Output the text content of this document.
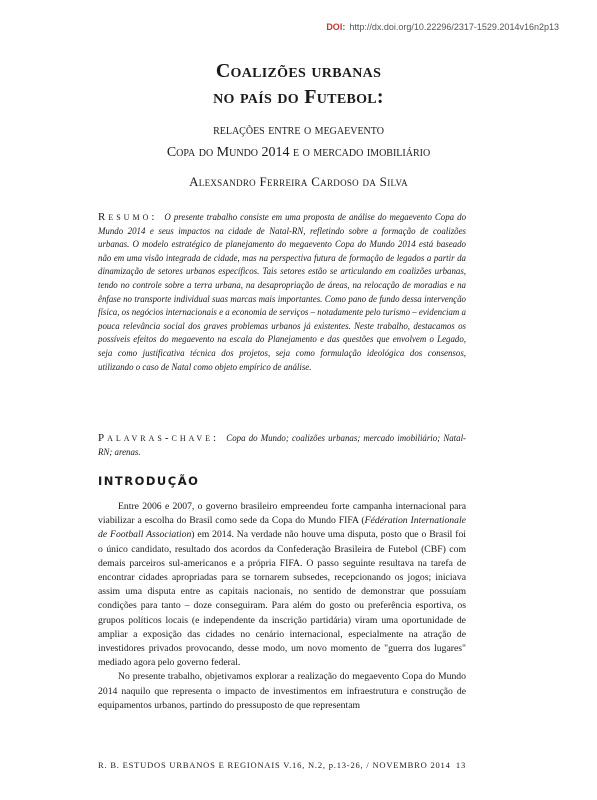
DOI: http://dx.doi.org/10.22296/2317-1529.2014v16n2p13
Coalizões urbanas
no país do Futebol:
relações entre o megaevento
Copa do Mundo 2014 e o mercado imobiliário
Alexsandro Ferreira Cardoso da Silva
Resumo: O presente trabalho consiste em uma proposta de análise do megaevento Copa do Mundo 2014 e seus impactos na cidade de Natal-RN, refletindo sobre a formação de coalizões urbanas. O modelo estratégico de planejamento do megaevento Copa do Mundo 2014 está baseado não em uma visão integrada de cidade, mas na perspectiva futura de formação de legados a partir da dinamização de setores urbanos específicos. Tais setores estão se articulando em coalizões urbanas, tendo no controle sobre a terra urbana, na desapropriação de áreas, na relocação de moradias e na ênfase no transporte individual suas marcas mais importantes. Como pano de fundo dessa intervenção física, os negócios internacionais e a economia de serviços – notadamente pelo turismo – evidenciam a pouca relevância social dos graves problemas urbanos já existentes. Neste trabalho, destacamos os possíveis efeitos do megaevento na escala do Planejamento e das questões que envolvem o Legado, seja como justificativa técnica dos projetos, seja como formulação ideológica dos consensos, utilizando o caso de Natal como objeto empírico de análise.
Palavras-chave: Copa do Mundo; coalizões urbanas; mercado imobiliário; Natal-RN; arenas.
INTRODUÇÃO

Entre 2006 e 2007, o governo brasileiro empreendeu forte campanha internacional para viabilizar a escolha do Brasil como sede da Copa do Mundo FIFA (Fédération Internationale de Football Association) em 2014. Na verdade não houve uma disputa, posto que o Brasil foi o único candidato, resultado dos acordos da Confederação Brasileira de Futebol (CBF) com demais parceiros sul-americanos e a própria FIFA. O passo seguinte resultava na tarefa de encontrar cidades apropriadas para se tornarem subsedes, recepcionando os jogos; iniciava assim uma disputa entre as capitais nacionais, no sentido de demonstrar que possuíam condições para tanto – doze conseguiram. Para além do gosto ou preferência esportiva, os grupos políticos locais (e independente da inscrição partidária) viram uma oportunidade de ampliar a exposição das cidades no cenário internacional, especialmente na atração de investidores privados provocando, desse modo, um novo momento de "guerra dos lugares" mediado agora pelo governo federal.

No presente trabalho, objetivamos explorar a realização do megaevento Copa do Mundo 2014 naquilo que representa o impacto de investimentos em infraestrutura e construção de equipamentos urbanos, partindo do pressuposto de que representam

R. B. ESTUDOS URBANOS E REGIONAIS V.16, N.2, p.13-26, / NOVEMBRO 2014 13
